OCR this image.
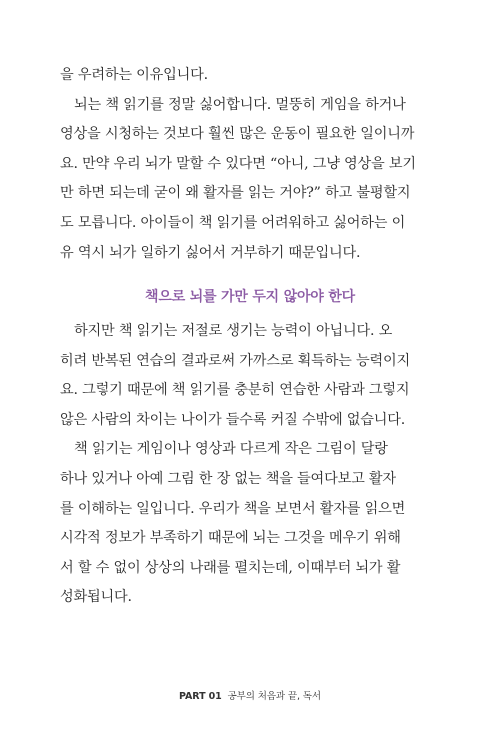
을 우려하는 이유입니다.
뇌는 책 읽기를 정말 싫어합니다. 멀뚱히 게임을 하거나
영상을 시청하는 것보다 훨씬 많은 운동이 필요한 일이니까
요. 만약 우리 뇌가 말할 수 있다면 “아니, 그냥 영상을 보기
만 하면 되는데 굳이 왜 활자를 읽는 거야?” 하고 불평할지
도 모릅니다. 아이들이 책 읽기를 어려워하고 싫어하는 이
유 역시 뇌가 일하기 싫어서 거부하기 때문입니다.
책으로 뇌를 가만 두지 않아야 한다
하지만 책 읽기는 저절로 생기는 능력이 아닙니다. 오
히려 반복된 연습의 결과로써 가까스로 획득하는 능력이지
요. 그렇기 때문에 책 읽기를 충분히 연습한 사람과 그렇지
않은 사람의 차이는 나이가 들수록 커질 수밖에 없습니다.
책 읽기는 게임이나 영상과 다르게 작은 그림이 달랑
하나 있거나 아예 그림 한 장 없는 책을 들여다보고 활자
를 이해하는 일입니다. 우리가 책을 보면서 활자를 읽으면
시각적 정보가 부족하기 때문에 뇌는 그것을 메우기 위해
서 할 수 없이 상상의 나래를 펼치는데, 이때부터 뇌가 활
성화됩니다.
PART 01 공부의 처음과 끝, 독서
